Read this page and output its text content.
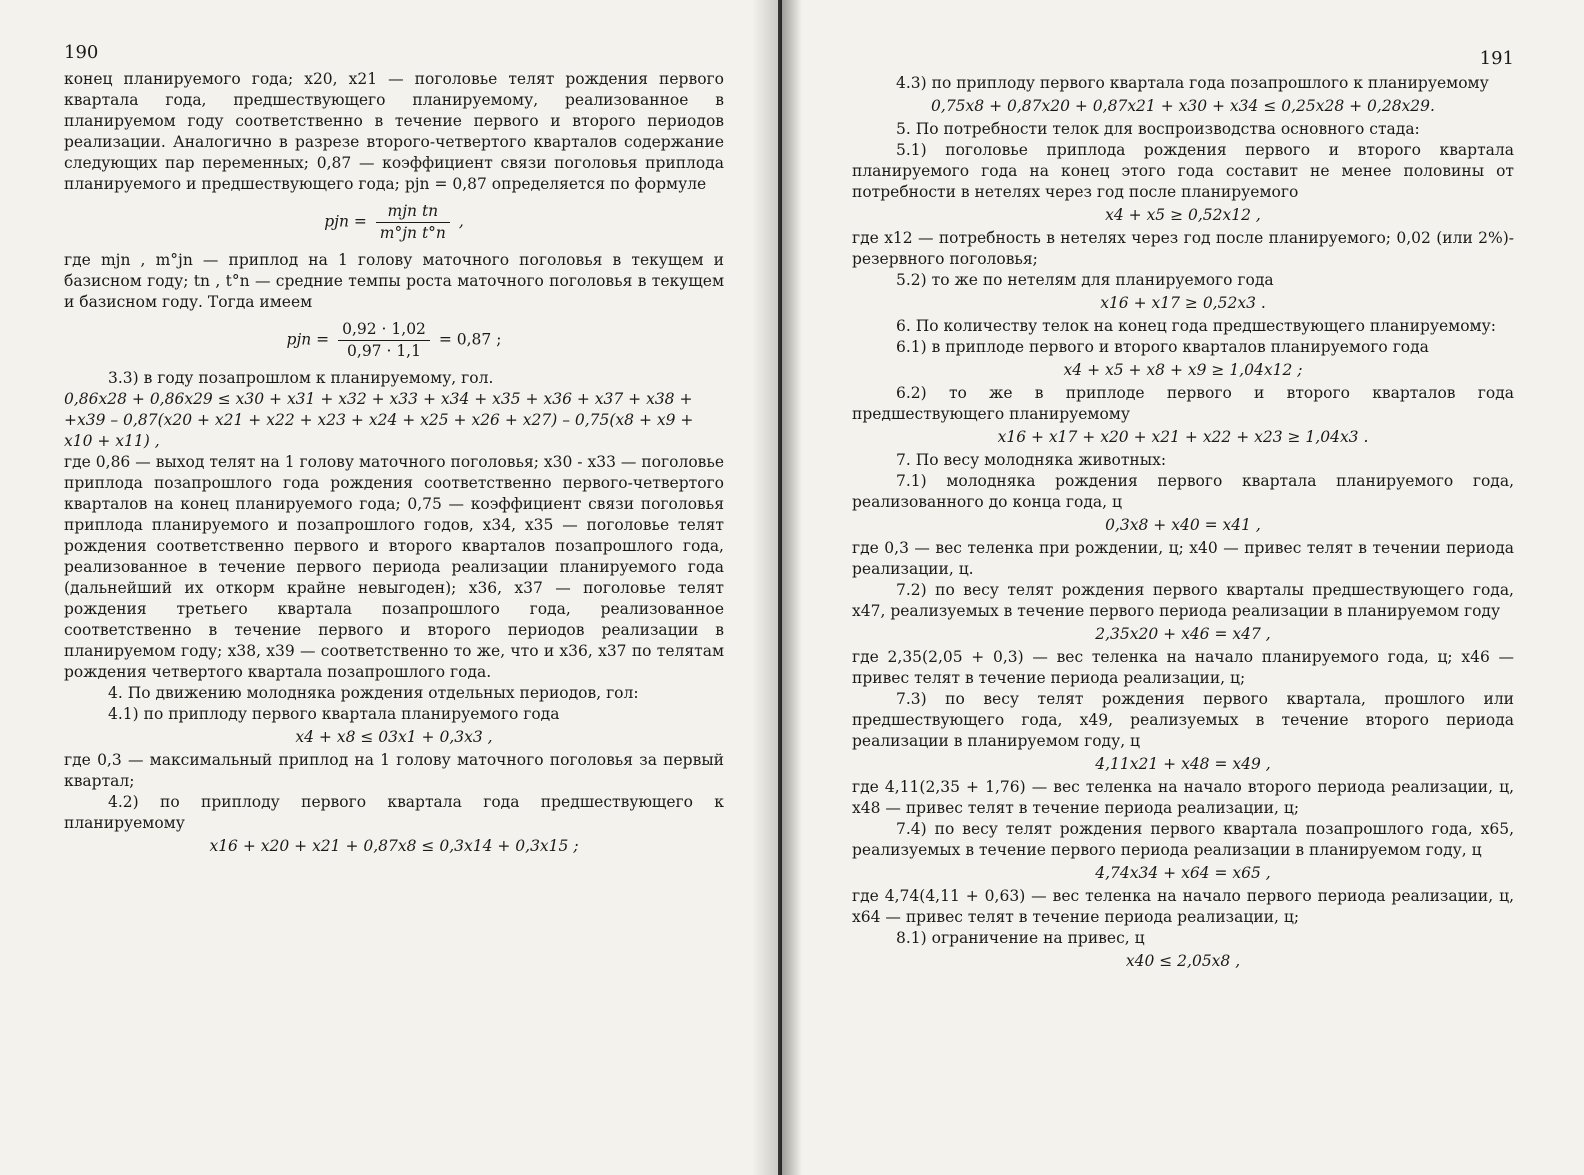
190

конец планируемого года; x20, x21 — поголовье телят рождения первого квартала года, предшествующего планируемому, реализованное в планируемом году соответственно в течение первого и второго периодов реализации. Аналогично в разрезе второго-четвертого кварталов содержание следующих пар переменных; 0,87 — коэффициент связи поголовья приплода планируемого и предшествующего года; pjn = 0,87 определяется по формуле

pjn = $\frac{\text{mjn tn}}{\text{m°jn t°n}}$ ,

где mjn , m°jn — приплод на 1 голову маточного поголовья в текущем и базисном году; tn , t°n — средние темпы роста маточного поголовья в текущем и базисном году. Тогда имеем

pjn = $\frac{0,92 \cdot 1,02}{0,97 \cdot 1,1} = 0,87$ ;

3.3) в году позапрошлом к планируемому, гол.

0,86x28 + 0,86x29 ≤ x30 + x31 + x32 + x33 + x34 + x35 + x36 + x37 + x38 +

+x39 – 0,87(x20 + x21 + x22 + x23 + x24 + x25 + x26 + x27) – 0,75(x8 + x9 + x10 + x11) ,

где 0,86 — выход телят на 1 голову маточного поголовья; x30 - x33 — поголовье приплода позапрошлого года рождения соответственно первого-четвертого кварталов на конец планируемого года; 0,75 — коэффициент связи поголовья приплода планируемого и позапрошлого годов, x34, x35 — поголовье телят рождения соответственно первого и второго кварталов позапрошлого года, реализованное в течение первого периода реализации планируемого года (дальнейший их откорм крайне невыгоден); x36, x37 — поголовье телят рождения третьего квартала позапрошлого года, реализованное соответственно в течение первого и второго периодов реализации в планируемом году; x38, x39 — соответственно то же, что и x36, x37 по телятам рождения четвертого квартала позапрошлого года.

4. По движению молодняка рождения отдельных периодов, гол:

4.1) по приплоду первого квартала планируемого года

x4 + x8 ≤ 03x1 + 0,3x3 ,

где 0,3 — максимальный приплод на 1 голову маточного поголовья за первый квартал;

4.2) по приплоду первого квартала года предшествующего к планируемому

x16 + x20 + x21 + 0,87x8 ≤ 0,3x14 + 0,3x15 ;
191

4.3) по приплоду первого квартала года позапрошлого к планируемому

0,75x8 + 0,87x20 + 0,87x21 + x30 + x34 ≤ 0,25x28 + 0,28x29.

5. По потребности телок для воспроизводства основного стада:

5.1) поголовье приплода рождения первого и второго квартала планируемого года на конец этого года составит не менее половины от потребности в нетелях через год после планируемого

x4 + x5 ≥ 0,52x12 ,

где x12 — потребность в нетелях через год после планируемого; 0,02 (или 2%)-резервного поголовья;

5.2) то же по нетелям для планируемого года

x16 + x17 ≥ 0,52x3 .

6. По количеству телок на конец года предшествующего планируемому:

6.1) в приплоде первого и второго кварталов планируемого года

x4 + x5 + x8 + x9 ≥ 1,04x12 ;

6.2) то же в приплоде первого и второго кварталов года предшествующего планируемому

x16 + x17 + x20 + x21 + x22 + x23 ≥ 1,04x3 .

7. По весу молодняка животных:

7.1) молодняка рождения первого квартала планируемого года, реализованного до конца года, ц

0,3x8 + x40 = x41 ,

где 0,3 — вес теленка при рождении, ц; x40 — привес телят в течении периода реализации, ц.

7.2) по весу телят рождения первого кварталы предшествующего года, x47, реализуемых в течение первого периода реализации в планируемом году

2,35x20 + x46 = x47 ,

где 2,35(2,05 + 0,3) — вес теленка на начало планируемого года, ц; x46 — привес телят в течение периода реализации, ц;

7.3) по весу телят рождения первого квартала, прошлого или предшествующего года, x49, реализуемых в течение второго периода реализации в планируемом году, ц

4,11x21 + x48 = x49 ,

где 4,11(2,35 + 1,76) — вес теленка на начало второго периода реализации, ц, x48 — привес телят в течение периода реализации, ц;

7.4) по весу телят рождения первого квартала позапрошлого года, x65, реализуемых в течение первого периода реализации в планируемом году, ц

4,74x34 + x64 = x65 ,

где 4,74(4,11 + 0,63) — вес теленка на начало первого периода реализации, ц, x64 — привес телят в течение периода реализации, ц;

8.1) ограничение на привес, ц

x40 ≤ 2,05x8 ,
